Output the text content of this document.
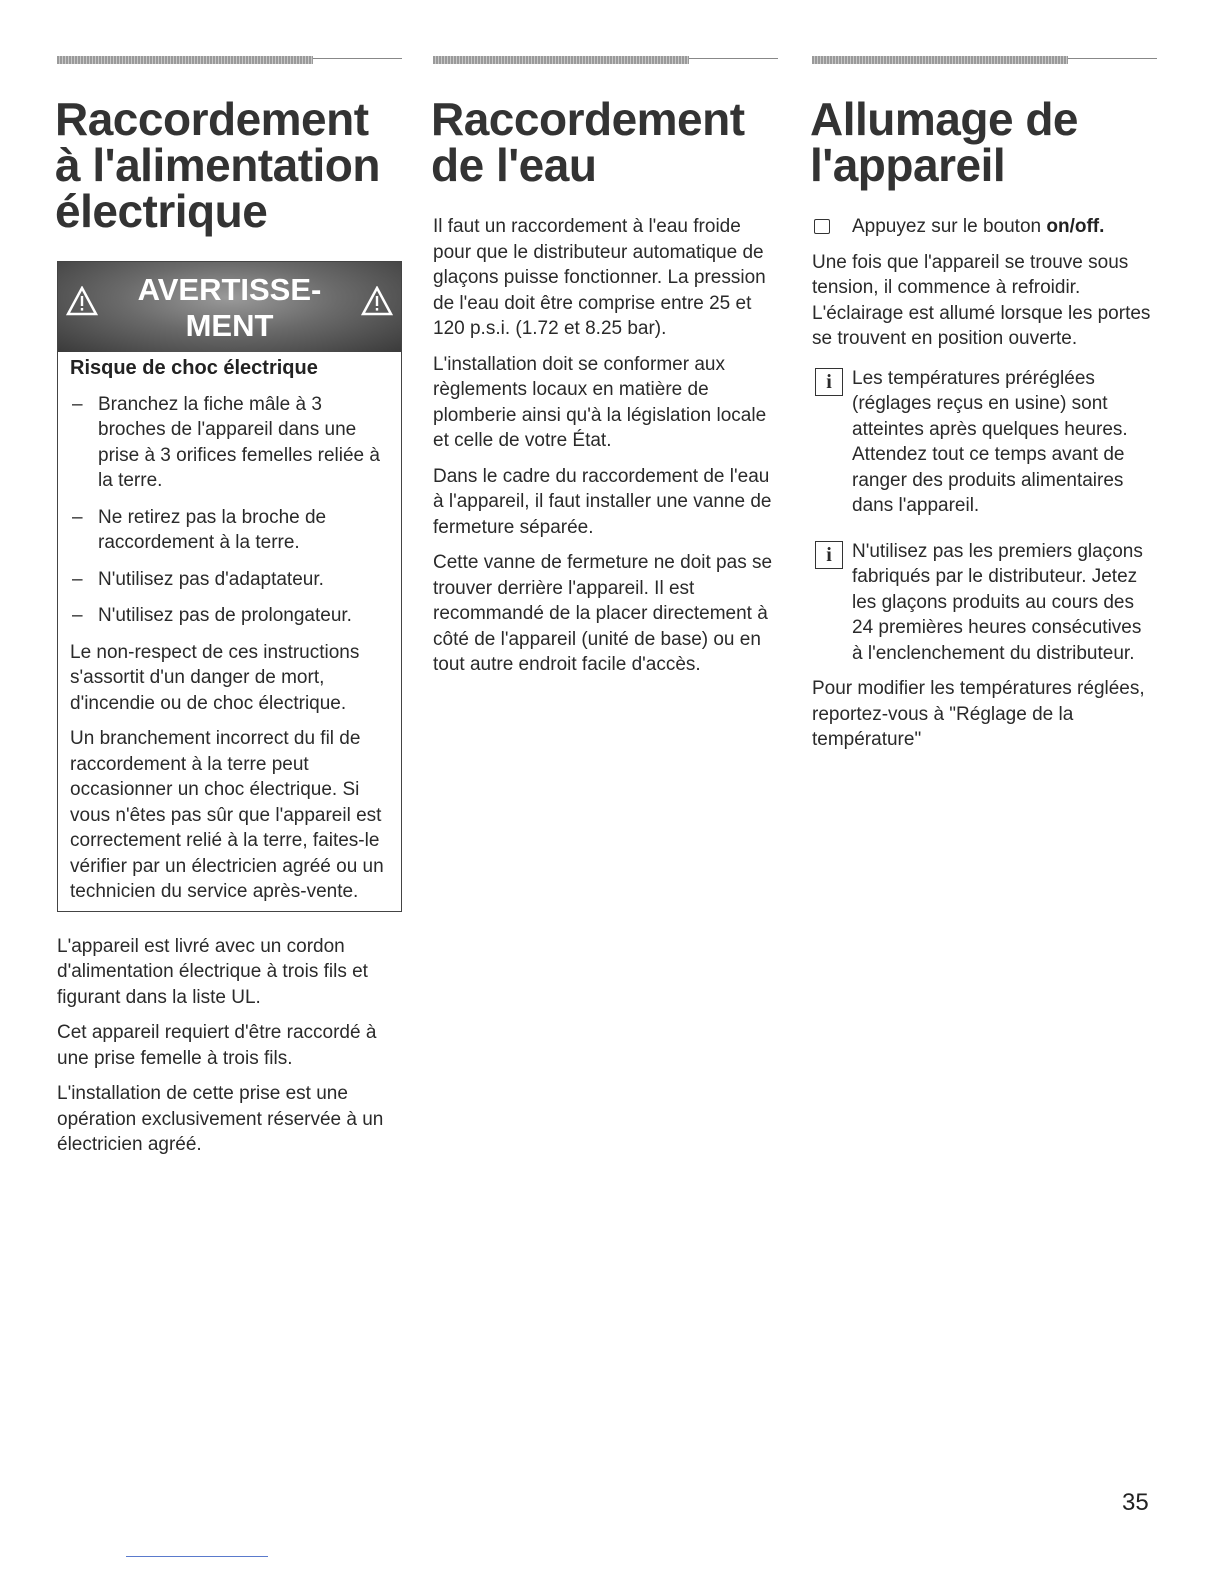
Raccordement
à l'alimentation
électrique
AVERTISSE-
MENT

Risque de choc électrique

– Branchez la fiche mâle à 3 broches de l'appareil dans une prise à 3 orifices femelles reliée à la terre.
– Ne retirez pas la broche de raccordement à la terre.
– N'utilisez pas d'adaptateur.
– N'utilisez pas de prolongateur.

Le non-respect de ces instructions s'assortit d'un danger de mort, d'incendie ou de choc électrique.

Un branchement incorrect du fil de raccordement à la terre peut occasionner un choc électrique. Si vous n'êtes pas sûr que l'appareil est correctement relié à la terre, faites-le vérifier par un électricien agréé ou un technicien du service après-vente.

L'appareil est livré avec un cordon d'alimentation électrique à trois fils et figurant dans la liste UL.

Cet appareil requiert d'être raccordé à une prise femelle à trois fils.

L'installation de cette prise est une opération exclusivement réservée à un électricien agréé.

Raccordement
de l'eau

Il faut un raccordement à l'eau froide pour que le distributeur automatique de glaçons puisse fonctionner. La pression de l'eau doit être comprise entre 25 et 120 p.s.i. (1.72 et 8.25 bar).

L'installation doit se conformer aux règlements locaux en matière de plomberie ainsi qu'à la législation locale et celle de votre État.

Dans le cadre du raccordement de l'eau à l'appareil, il faut installer une vanne de fermeture séparée.

Cette vanne de fermeture ne doit pas se trouver derrière l'appareil. Il est recommandé de la placer directement à côté de l'appareil (unité de base) ou en tout autre endroit facile d'accès.

Allumage de
l'appareil

Appuyez sur le bouton on/off.

Une fois que l'appareil se trouve sous tension, il commence à refroidir. L'éclairage est allumé lorsque les portes se trouvent en position ouverte.

i	Les températures préréglées (réglages reçus en usine) sont atteintes après quelques heures. Attendez tout ce temps avant de ranger des produits alimentaires dans l'appareil.

i	N'utilisez pas les premiers glaçons fabriqués par le distributeur. Jetez les glaçons produits au cours des 24 premières heures consécutives à l'enclenchement du distributeur.

Pour modifier les températures réglées, reportez-vous à "Réglage de la température"

35
